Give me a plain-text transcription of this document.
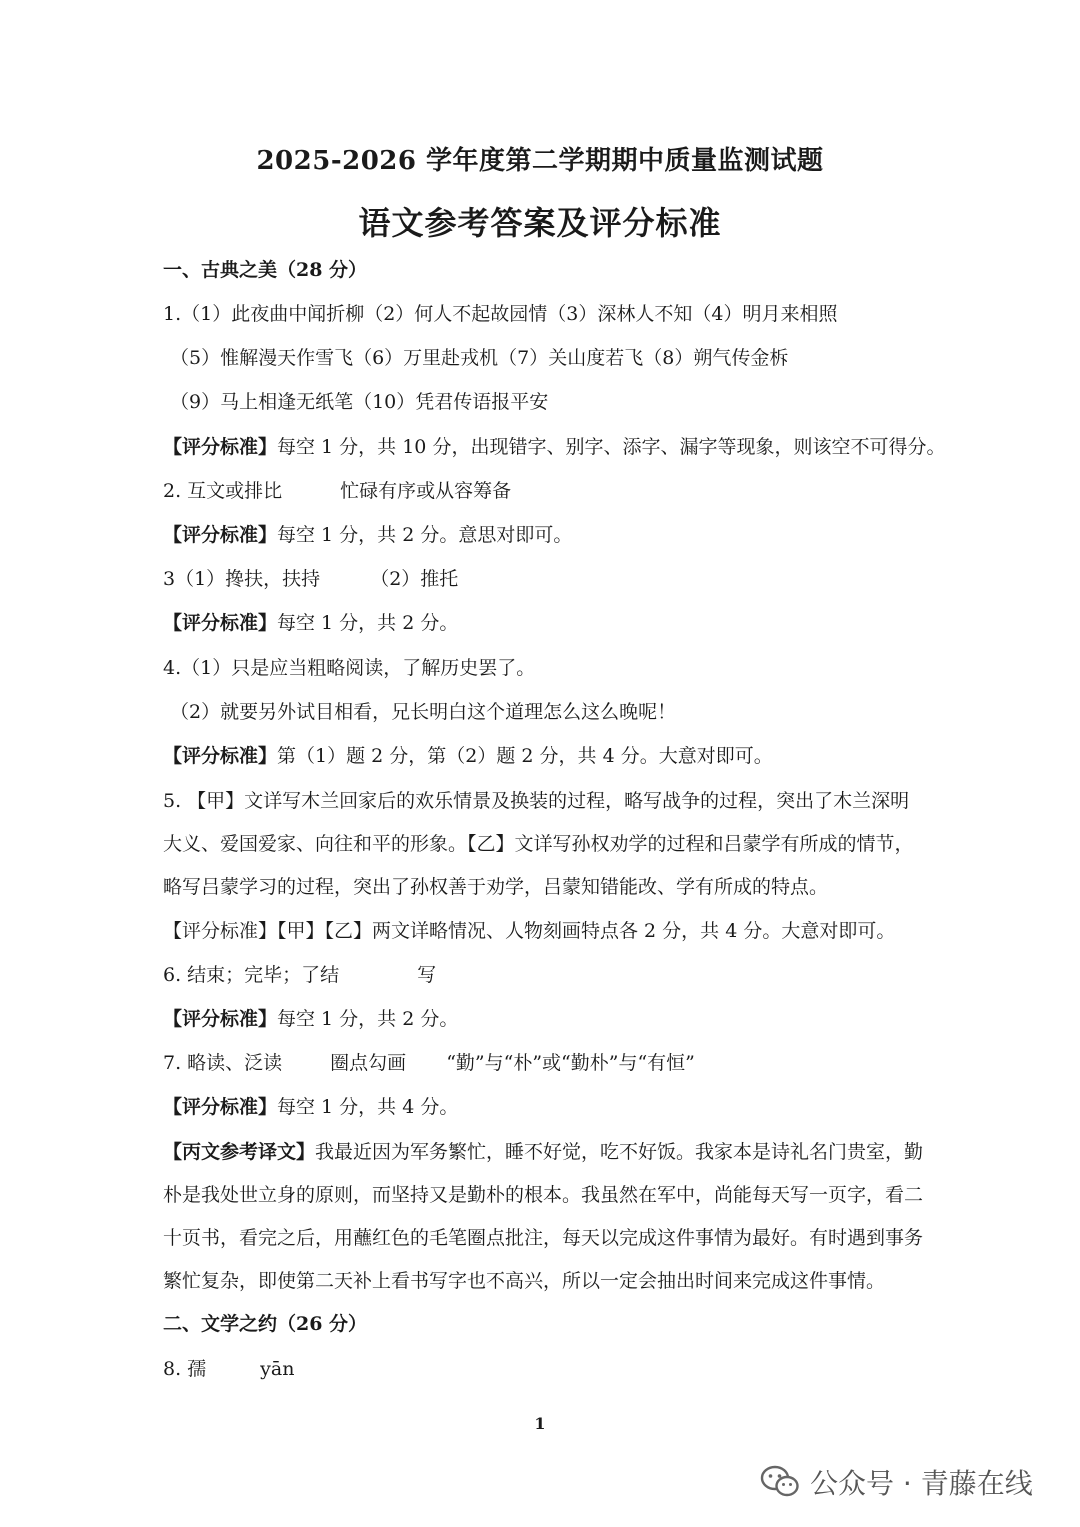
2025-2026 学年度第二学期期中质量监测试题
语文参考答案及评分标准
一、古典之美（28 分）
1.（1）此夜曲中闻折柳（2）何人不起故园情（3）深林人不知（4）明月来相照
（5）惟解漫天作雪飞（6）万里赴戎机（7）关山度若飞（8）朔气传金柝
（9）马上相逢无纸笔（10）凭君传语报平安
【评分标准】每空 1 分，共 10 分，出现错字、别字、添字、漏字等现象，则该空不可得分。
2. 互文或排比	忙碌有序或从容筹备
【评分标准】每空 1 分，共 2 分。意思对即可。
3（1）搀扶，扶持	（2）推托
【评分标准】每空 1 分，共 2 分。
4.（1）只是应当粗略阅读，了解历史罢了。
（2）就要另外试目相看，兄长明白这个道理怎么这么晚呢！
【评分标准】第（1）题 2 分，第（2）题 2 分，共 4 分。大意对即可。
5. 【甲】文详写木兰回家后的欢乐情景及换装的过程，略写战争的过程，突出了木兰深明
大义、爱国爱家、向往和平的形象。【乙】文详写孙权劝学的过程和吕蒙学有所成的情节，
略写吕蒙学习的过程，突出了孙权善于劝学，吕蒙知错能改、学有所成的特点。
【评分标准】【甲】【乙】两文详略情况、人物刻画特点各 2 分，共 4 分。大意对即可。
6. 结束；完毕；了结	写
【评分标准】每空 1 分，共 2 分。
7. 略读、泛读	圈点勾画 “勤”与“朴”或“勤朴”与“有恒”
【评分标准】每空 1 分，共 4 分。
【丙文参考译文】我最近因为军务繁忙，睡不好觉，吃不好饭。我家本是诗礼名门贵室，勤
朴是我处世立身的原则，而坚持又是勤朴的根本。我虽然在军中，尚能每天写一页字，看二
十页书，看完之后，用蘸红色的毛笔圈点批注，每天以完成这件事情为最好。有时遇到事务
繁忙复杂，即使第二天补上看书写字也不高兴，所以一定会抽出时间来完成这件事情。
二、文学之约（26 分）
8. 孺	yān
1
公众号 · 青藤在线
